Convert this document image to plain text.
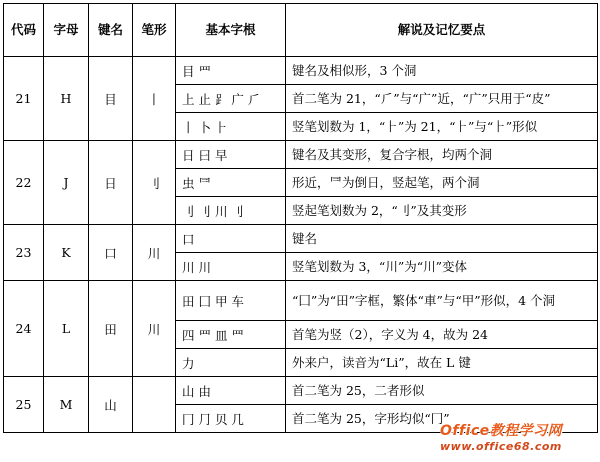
代码	字母	键名	笔形	基本字根	解说及记忆要点
21	H	目	丨	目 ⺫	键名及相似形，3 个洞
				上 止 ⻊ 广 ⺁	首二笔为 21，“⺁”与“广”近，“广”只用于“皮”
				丨 卜 ⺊	竖笔划数为 1，“⺊”为 21，“⺊”与“⺊”形似
22	J	日	刂	日 曰 早	键名及其变形，复合字根，均两个洞
				虫 ⺜	形近，⺜为倒日，竖起笔，两个洞
				刂 刂 川 刂	竖起笔划数为 2，“刂”及其变形
23	K	口	川	口	键名
				川 川	竖笔划数为 3，“川”为“川”变体
24	L	田	川	田 囗 甲 车	“囗”为“田”字框，繁体“車”与“甲”形似，4 个洞
				四 罒 皿 ⺫	首笔为竖（2），字义为 4，故为 24
				力	外来户，读音为“Li”，故在 L 键
25	M	山		山 由	首二笔为 25，二者形似
				冂 ⺆ 贝 几	首二笔为 25，字形均似“冂”
Office教程学习网
www.office68.com
